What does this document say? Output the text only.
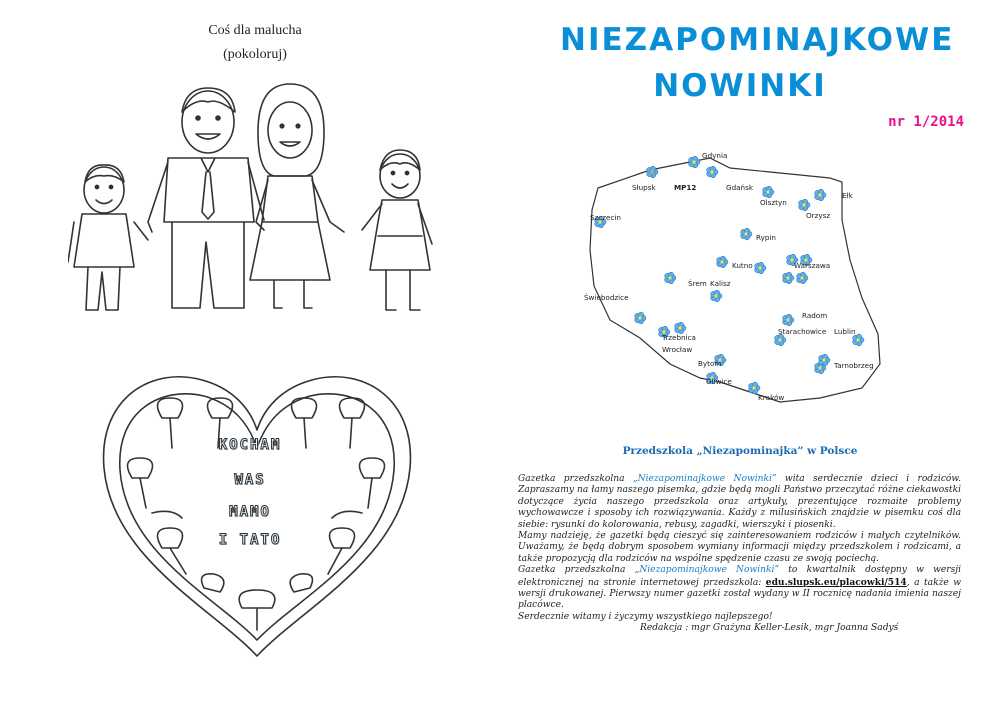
Coś dla malucha
(pokoloruj)
KOCHAM
WAS
MAMO
I TATO
NIEZAPOMINAJKOWE
NOWINKI
nr 1/2014
Gdynia
Słupsk	MP12	Gdańsk
Olsztyn
Ełk
Orzysz
Szczecin
Rypin
Kutno	Warszawa
Śrem Kalisz
Świebodzice
Radom
Trzebnica
Starachowice Lublin
Wrocław
Bytom	Tarnobrzeg
Gliwice
Kraków
Przedszkola „Niezapominajka” w Polsce

Gazetka przedszkolna „Niezapominajkowe Nowinki” wita serdecznie dzieci i rodziców. Zapraszamy na łamy naszego pisemka, gdzie będą mogli Państwo przeczytać różne ciekawostki dotyczące życia naszego przedszkola oraz artykuły, prezentujące rozmaite problemy wychowawcze i sposoby ich rozwiązywania. Każdy z milusińskich znajdzie w pisemku coś dla siebie: rysunki do kolorowania, rebusy, zagadki, wierszyki i piosenki.

Mamy nadzieję, że gazetki będą cieszyć się zainteresowaniem rodziców i małych czytelników. Uważamy, że będą dobrym sposobem wymiany informacji między przedszkolem i rodzicami, a także propozycją dla rodziców na wspólne spędzenie czasu ze swoją pociechą.

Gazetka przedszkolna „Niezapominajkowe Nowinki” to kwartalnik dostępny w wersji elektronicznej na stronie internetowej przedszkola: edu.slupsk.eu/placowki/514, a także w wersji drukowanej. Pierwszy numer gazetki został wydany w II rocznicę nadania imienia naszej placówce.

Serdecznie witamy i życzymy wszystkiego najlepszego!

Redakcja : mgr Grażyna Keller-Lesik, mgr Joanna Sadyś
